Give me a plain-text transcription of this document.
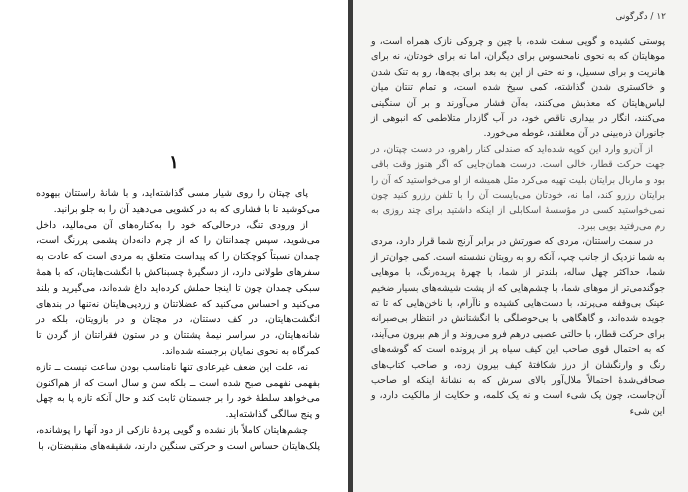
۱

پای چپتان را روی شیار مسی گذاشته‌اید، و با شانهٔ راستتان بیهوده می‌کوشید تا با فشاری که به در کشویی می‌دهید آن را به جلو برانید.

از ورودی تنگ، درحالی‌که خود را به‌کناره‌های آن می‌مالید، داخل می‌شوید، سپس چمدانتان را که از چرم دانه‌دان پشمی پررنگ است، چمدان نسبتاً کوچکتان را که پیداست متعلق به مردی است که عادت به سفرهای طولانی دارد، از دسگیرهٔ چسبناکش با انگشت‌هایتان، که با همهٔ سبکی چمدان چون تا اینجا حملش کرده‌اید داغ شده‌اند، می‌گیرید و بلند می‌کنید و احساس می‌کنید که عضلاتتان و زردپی‌هایتان نه‌تنها در بندهای انگشت‌هایتان، در کف دستتان، در مچتان و در بازویتان، بلکه در شانه‌هایتان، در سراسر نیمهٔ پشتتان و در ستون فقراتتان از گردن تا کمرگاه به نحوی نمایان برجسته شده‌اند.

نه، علت این ضعف غیرعادی تنها نامناسب بودن ساعت نیست ــ تازه بفهمی نفهمی صبح شده است ــ بلکه سن و سال است که از هم‌اکنون می‌خواهد سلطهٔ خود را بر جسمتان ثابت کند و حال آنکه تازه پا به چهل و پنج سالگی گذاشته‌اید.

چشم‌هایتان کاملاً باز نشده و گویی پردهٔ نازکی از دود آنها را پوشانده، پلک‌هایتان حساس است و حرکتی سنگین دارند، شقیقه‌های منقبضتان، با

۱۲ / دگرگونی

پوستی کشیده و گویی سفت شده، با چین و چروکی نازک همراه است، و موهایتان که به نحوی نامحسوس برای دیگران، اما نه برای خودتان، نه برای هانریت و برای سسیل، و نه حتی از این به بعد برای بچه‌ها، رو به تنک شدن و خاکستری شدن گذاشته، کمی سیخ شده است، و تمام تنتان میان لباس‌هایتان که معذبش می‌کنند، به‌آن فشار می‌آورند و بر آن سنگینی می‌کنند، انگار در بیداری ناقص خود، در آب گازدار متلاطمی که انبوهی از جانوران ذره‌بینی در آن معلقند، غوطه می‌خورد.

از آن‌رو وارد این کوپه شده‌اید که صندلی کنار راهرو، در دست چپتان، در جهت حرکت قطار، خالی است. درست همان‌جایی که اگر هنوز وقت باقی بود و ماربال برایتان بلیت تهیه می‌کرد مثل همیشه از او می‌خواستید که آن را برایتان رزرو کند، اما نه، خودتان می‌بایست آن را با تلفن رزرو کنید چون نمی‌خواستید کسی در مؤسسهٔ اسکابلی از اینکه داشتید برای چند روزی به رم می‌رفتید بویی ببرد.

در سمت راستتان، مردی که صورتش در برابر آرنج شما قرار دارد، مردی به شما نزدیک از جانب چپ، آنکه رو به رویتان نشسته است. کمی جوان‌تر از شما، حداکثر چهل ساله، بلندتر از شما، با چهرهٔ پریده‌رنگ، با موهایی جوگندمی‌تر از موهای شما، با چشم‌هایی که از پشت شیشه‌های بسیار ضخیم عینک بی‌وقفه می‌پرند، با دست‌هایی کشیده و ناآرام، با ناخن‌هایی که تا ته جویده شده‌اند، و گاهگاهی با بی‌حوصلگی با انگشتانش در انتظار بی‌صبرانه برای حرکت قطار، با حالتی عصبی درهم فرو می‌روند و از هم بیرون می‌آیند، که به احتمال قوی صاحب این کیف سیاه پر از پرونده است که گوشه‌های رنگ و وارنگشان از درز شکافتهٔ کیف بیرون زده، و صاحب کتاب‌های صحافی‌شدهٔ احتمالاً ملال‌آور بالای سرش که به نشانهٔ اینکه او صاحب آن‌جاست، چون یک شیء است و نه یک کلمه، و حکایت از مالکیت دارد، و این شیء
